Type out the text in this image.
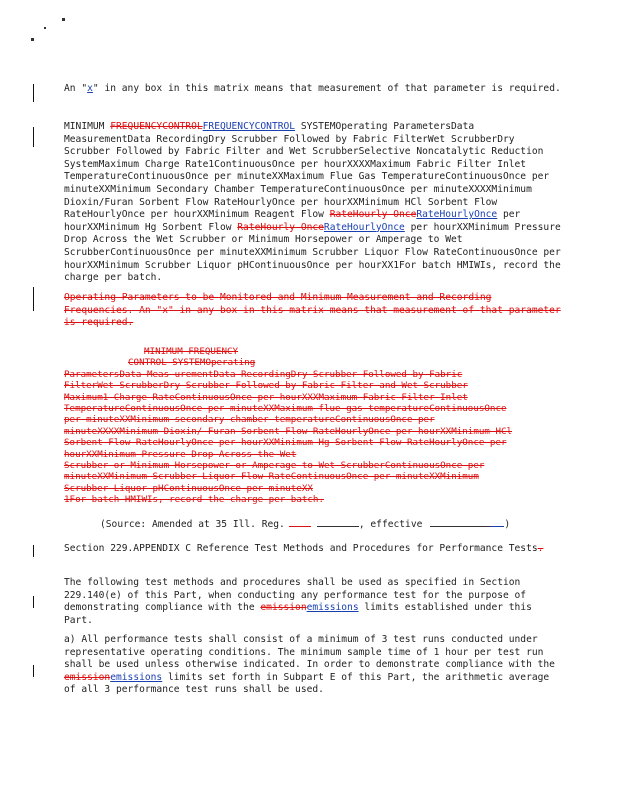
An "x" in any box in this matrix means that measurement of that parameter is required.
MINIMUM FREQUENCYCONTROLFREQUENCYCONTROL SYSTEMOperating ParametersData MeasurementData RecordingDry Scrubber Followed by Fabric FilterWet ScrubberDry Scrubber Followed by Fabric Filter and Wet ScrubberSelective Noncatalytic Reduction SystemMaximum Charge Rate1ContinuousOnce per hourXXXXMaximum Fabric Filter Inlet TemperatureContinuousOnce per minuteXXMaximum Flue Gas TemperatureContinuousOnce per minuteXXMinimum Secondary Chamber TemperatureContinuousOnce per minuteXXXXMinimum Dioxin/Furan Sorbent Flow RateHourlyOnce per hourXXMinimum HCl Sorbent Flow RateHourlyOnce per hourXXMinimum Reagent Flow RateHourly OnceRateHourlyOnce per hourXXMinimum Hg Sorbent Flow RateHourly OnceRateHourlyOnce per hourXXMinimum Pressure Drop Across the Wet Scrubber or Minimum Horsepower or Amperage to Wet ScrubberContinuousOnce per minuteXXMinimum Scrubber Liquor Flow RateContinuousOnce per hourXXMinimum Scrubber Liquor pHContinuousOnce per hourXX1For batch HMIWIs, record the charge per batch.
Operating Parameters to be Monitored and Minimum Measurement and Recording Frequencies. An "x" in any box in this matrix means that measurement of that parameter is required.
MINIMUM FREQUENCY
CONTROL SYSTEMOperating
ParametersData Meas urementData RecordingDry Scrubber Followed by Fabric
FilterWet ScrubberDry Scrubber Followed by Fabric Filter and Wet Scrubber
Maximum1 Charge RateContinuousOnce per hourXXXMaximum Fabric Filter Inlet
TemperatureContinuousOnce per minuteXXMaximum flue gas temperatureContinuousOnce
per minuteXXMinimum secondary chamber temperatureContinuousOnce per
minuteXXXXMinimum Dioxin/ Furan Sorbent Flow RateHourlyOnce per hourXXMinimum HCl
Sorbent Flow RateHourlyOnce per hourXXMinimum Hg Sorbent Flow RateHourlyOnce per
hourXXMinimum Pressure Drop Across the Wet
Scrubber or Minimum Horsepower or Amperage to Wet ScrubberContinuousOnce per
minuteXXMinimum Scrubber Liquor Flow RateContinuousOnce per minuteXXMinimum
Scrubber Liquor pHContinuousOnce per minuteXX
1For batch HMIWIs, record the charge per batch.
(Source: Amended at 35 Ill. Reg.	, effective	)
Section 229.APPENDIX C Reference Test Methods and Procedures for Performance Tests.
The following test methods and procedures shall be used as specified in Section 229.140(e) of this Part, when conducting any performance test for the purpose of demonstrating compliance with the emissionemissions limits established under this Part.
a) All performance tests shall consist of a minimum of 3 test runs conducted under representative operating conditions. The minimum sample time of 1 hour per test run shall be used unless otherwise indicated. In order to demonstrate compliance with the emissionemissions limits set forth in Subpart E of this Part, the arithmetic average of all 3 performance test runs shall be used.
